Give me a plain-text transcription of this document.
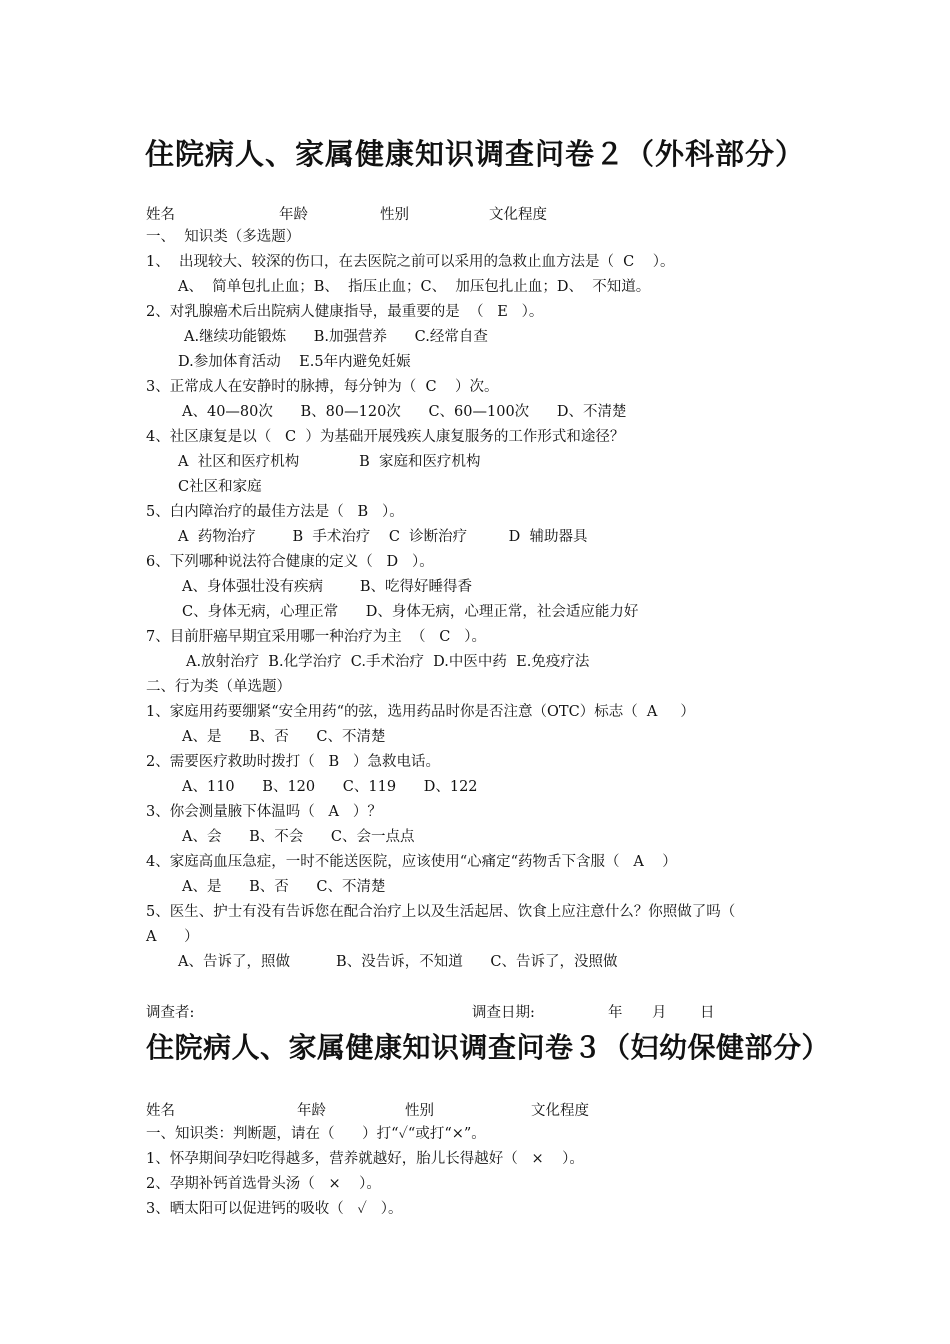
住院病人、家属健康知识调查问卷２（外科部分）
姓名	年龄	性别	文化程度
一、  知识类（多选题）
1、  出现较大、较深的伤口，在去医院之前可以采用的急救止血方法是（  C    ）。
A、  简单包扎止血；B、  指压止血；C、  加压包扎止血；D、  不知道。
2、对乳腺癌术后出院病人健康指导，最重要的是  （   E   ）。
A.继续功能锻炼      B.加强营养      C.经常自查
D.参加体育活动    E.5年内避免妊娠
3、正常成人在安静时的脉搏，每分钟为（  C    ）次。
A、40—80次      B、80—120次      C、60—100次      D、不清楚
4、社区康复是以（   C  ）为基础开展残疾人康复服务的工作形式和途径？
A  社区和医疗机构             B  家庭和医疗机构
C社区和家庭
5、白内障治疗的最佳方法是（   B   ）。
A  药物治疗        B  手术治疗    C  诊断治疗         D  辅助器具
6、下列哪种说法符合健康的定义（   D   ）。
A、身体强壮没有疾病        B、吃得好睡得香
C、身体无病，心理正常      D、身体无病，心理正常，社会适应能力好
7、目前肝癌早期宜采用哪一种治疗为主  （   C   ）。
A.放射治疗  B.化学治疗  C.手术治疗  D.中医中药  E.免疫疗法
二、行为类（单选题）
1、家庭用药要绷紧“安全用药“的弦，选用药品时你是否注意（OTC）标志（  A     ）
A、是      B、否      C、不清楚
2、需要医疗救助时拨打（   B   ）急救电话。
A、110      B、120      C、119      D、122
3、你会测量腋下体温吗（   A   ）？
A、会      B、不会      C、会一点点
4、家庭高血压急症，一时不能送医院，应该使用“心痛定“药物舌下含服（   A    ）
A、是      B、否      C、不清楚
5、医生、护士有没有告诉您在配合治疗上以及生活起居、饮食上应注意什么？你照做了吗（
A      ）
A、告诉了，照做          B、没告诉，不知道      C、告诉了，没照做
调查者:	调查日期:	年 月 日
住院病人、家属健康知识调查问卷３（妇幼保健部分）
姓名	年龄	性别	文化程度
一、知识类：判断题，请在（      ）打“✓“或打“×”。
1、怀孕期间孕妇吃得越多，营养就越好，胎儿长得越好（   ×    ）。
2、孕期补钙首选骨头汤（   ×    ）。
3、晒太阳可以促进钙的吸收（   ✓   ）。
